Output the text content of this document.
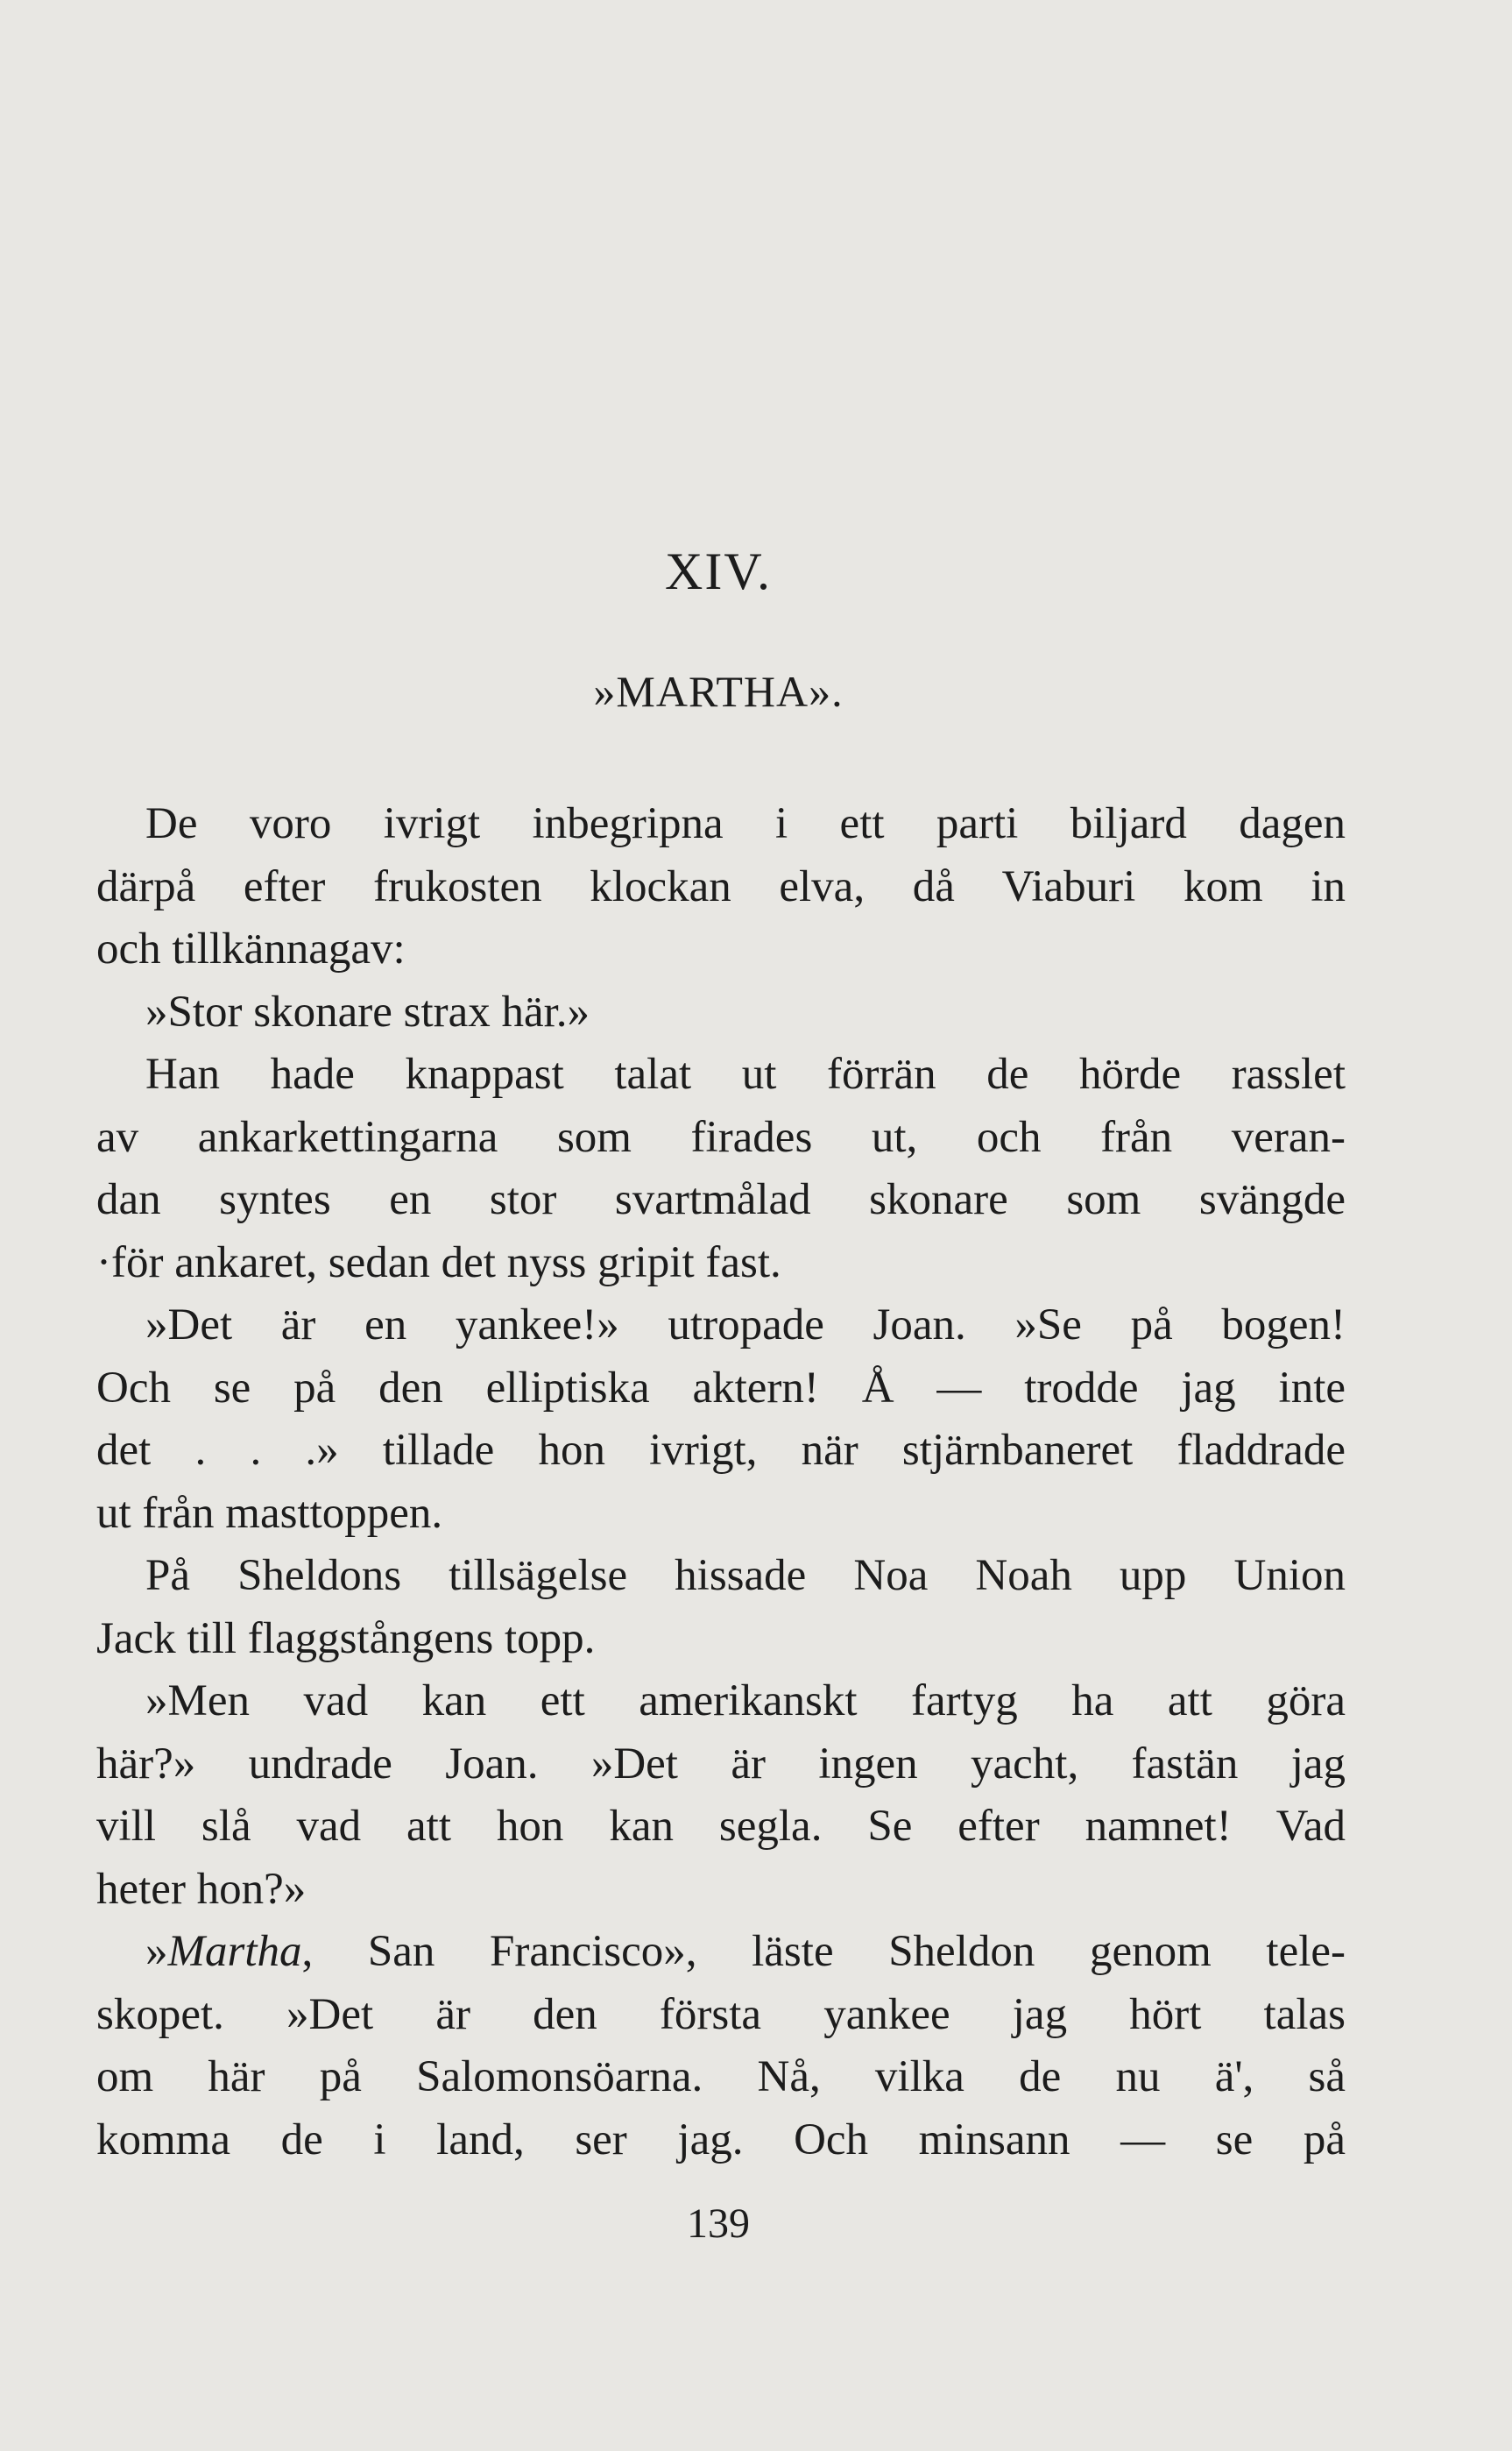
XIV.
»MARTHA».
De voro ivrigt inbegripna i ett parti biljard dagen
därpå efter frukosten klockan elva, då Viaburi kom in
och tillkännagav:
»Stor skonare strax här.»
Han hade knappast talat ut förrän de hörde rasslet
av ankarkettingarna som firades ut, och från veran-
dan syntes en stor svartmålad skonare som svängde
·för ankaret, sedan det nyss gripit fast.
»Det är en yankee!» utropade Joan. »Se på bogen!
Och se på den elliptiska aktern! Å — trodde jag inte
det . . .» tillade hon ivrigt, när stjärnbaneret fladdrade
ut från masttoppen.
På Sheldons tillsägelse hissade Noa Noah upp Union
Jack till flaggstångens topp.
»Men vad kan ett amerikanskt fartyg ha att göra
här?» undrade Joan. »Det är ingen yacht, fastän jag
vill slå vad att hon kan segla. Se efter namnet! Vad
heter hon?»
»Martha, San Francisco», läste Sheldon genom tele-
skopet. »Det är den första yankee jag hört talas
om här på Salomonsöarna. Nå, vilka de nu ä', så
komma de i land, ser jag. Och minsann — se på
139
